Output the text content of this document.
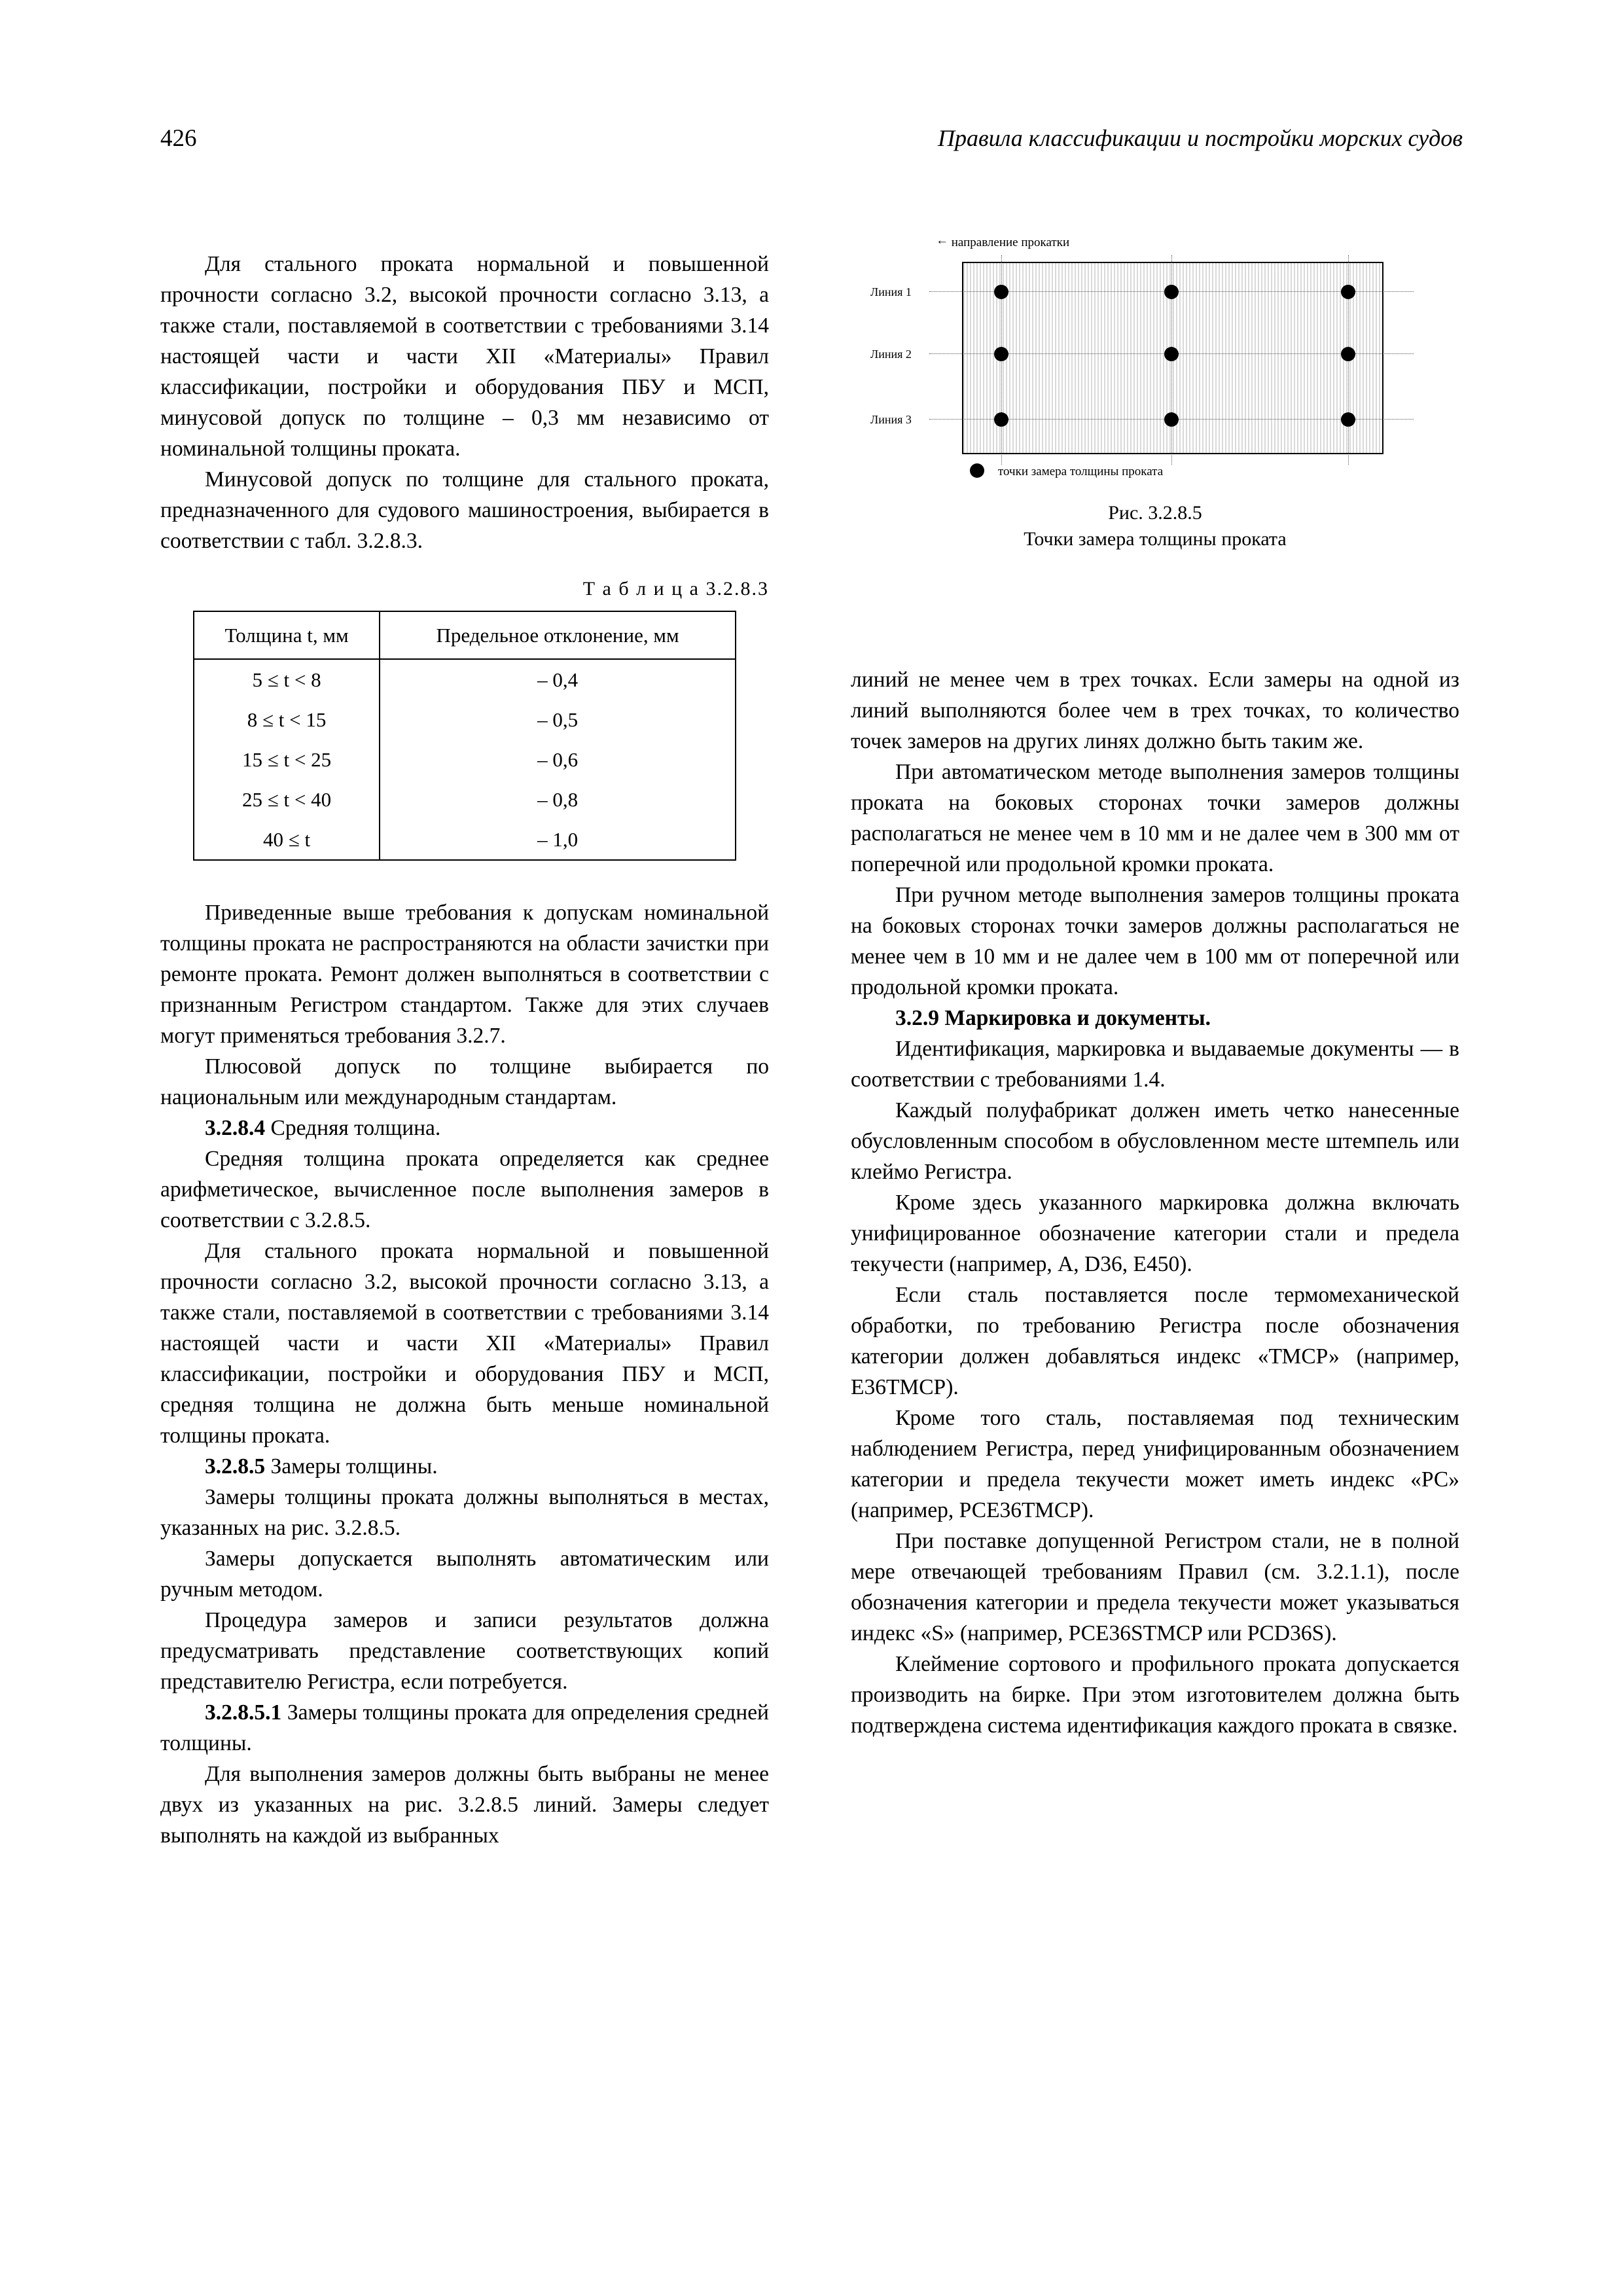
426	Правила классификации и постройки морских судов

Для стального проката нормальной и повышенной прочности согласно 3.2, высокой прочности согласно 3.13, а также стали, поставляемой в соответствии с требованиями 3.14 настоящей части и части XII «Материалы» Правил классификации, постройки и оборудования ПБУ и МСП, минусовой допуск по толщине – 0,3 мм независимо от номинальной толщины проката.

Минусовой допуск по толщине для стального проката, предназначенного для судового машиностроения, выбирается в соответствии с табл. 3.2.8.3.

Т а б л и ц а 3.2.8.3
Толщина t, мм	Предельное отклонение, мм
5 ≤ t < 8	– 0,4
8 ≤ t < 15	– 0,5
15 ≤ t < 25	– 0,6
25 ≤ t < 40	– 0,8
40 ≤ t	– 1,0

Приведенные выше требования к допускам номинальной толщины проката не распространяются на области зачистки при ремонте проката. Ремонт должен выполняться в соответствии с признанным Регистром стандартом. Также для этих случаев могут применяться требования 3.2.7.

Плюсовой допуск по толщине выбирается по национальным или международным стандартам.

3.2.8.4 Средняя толщина.

Средняя толщина проката определяется как среднее арифметическое, вычисленное после выполнения замеров в соответствии с 3.2.8.5.

Для стального проката нормальной и повышенной прочности согласно 3.2, высокой прочности согласно 3.13, а также стали, поставляемой в соответствии с требованиями 3.14 настоящей части и части XII «Материалы» Правил классификации, постройки и оборудования ПБУ и МСП, средняя толщина не должна быть меньше номинальной толщины проката.

3.2.8.5 Замеры толщины.

Замеры толщины проката должны выполняться в местах, указанных на рис. 3.2.8.5.

Замеры допускается выполнять автоматическим или ручным методом.

Процедура замеров и записи результатов должна предусматривать представление соответствующих копий представителю Регистра, если потребуется.

3.2.8.5.1 Замеры толщины проката для определения средней толщины.

Для выполнения замеров должны быть выбраны не менее двух из указанных на рис. 3.2.8.5 линий. Замеры следует выполнять на каждой из выбранных

← направление прокатки
Линия 1
Линия 2
Линия 3
точки замера толщины проката
Рис. 3.2.8.5
Точки замера толщины проката

линий не менее чем в трех точках. Если замеры на одной из линий выполняются более чем в трех точках, то количество точек замеров на других линях должно быть таким же.

При автоматическом методе выполнения замеров толщины проката на боковых сторонах точки замеров должны располагаться не менее чем в 10 мм и не далее чем в 300 мм от поперечной или продольной кромки проката.

При ручном методе выполнения замеров толщины проката на боковых сторонах точки замеров должны располагаться не менее чем в 10 мм и не далее чем в 100 мм от поперечной или продольной кромки проката.

3.2.9 Маркировка и документы.

Идентификация, маркировка и выдаваемые документы — в соответствии с требованиями 1.4.

Каждый полуфабрикат должен иметь четко нанесенные обусловленным способом в обусловленном месте штемпель или клеймо Регистра.

Кроме здесь указанного маркировка должна включать унифицированное обозначение категории стали и предела текучести (например, A, D36, E450).

Если сталь поставляется после термомеханической обработки, по требованию Регистра после обозначения категории должен добавляться индекс «ТМСР» (например, E36TMCP).

Кроме того сталь, поставляемая под техническим наблюдением Регистра, перед унифицированным обозначением категории и предела текучести может иметь индекс «РС» (например, РСЕ36ТМСР).

При поставке допущенной Регистром стали, не в полной мере отвечающей требованиям Правил (см. 3.2.1.1), после обозначения категории и предела текучести может указываться индекс «S» (например, РСЕ36STMCP или PCD36S).

Клеймение сортового и профильного проката допускается производить на бирке. При этом изготовителем должна быть подтверждена система идентификация каждого проката в связке.
